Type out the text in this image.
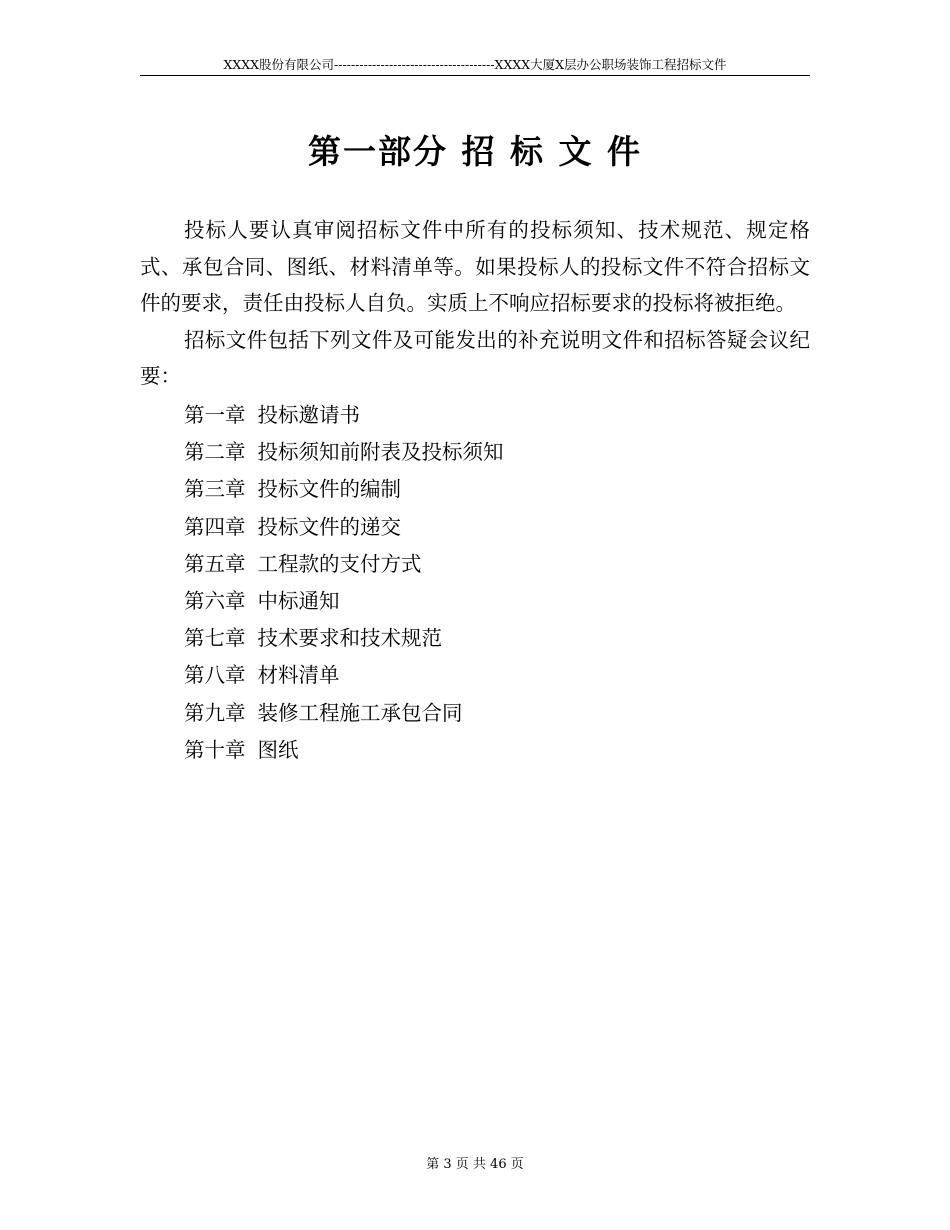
XXXX股份有限公司--------------------------------------XXXX大厦X层办公职场装饰工程招标文件
第一部分 招 标 文 件

投标人要认真审阅招标文件中所有的投标须知、技术规范、规定格式、承包合同、图纸、材料清单等。如果投标人的投标文件不符合招标文件的要求，责任由投标人自负。实质上不响应招标要求的投标将被拒绝。

招标文件包括下列文件及可能发出的补充说明文件和招标答疑会议纪要：

第一章 投标邀请书
第二章 投标须知前附表及投标须知
第三章 投标文件的编制
第四章 投标文件的递交
第五章 工程款的支付方式
第六章 中标通知
第七章 技术要求和技术规范
第八章 材料清单
第九章 装修工程施工承包合同
第十章 图纸
第 3 页 共 46 页
